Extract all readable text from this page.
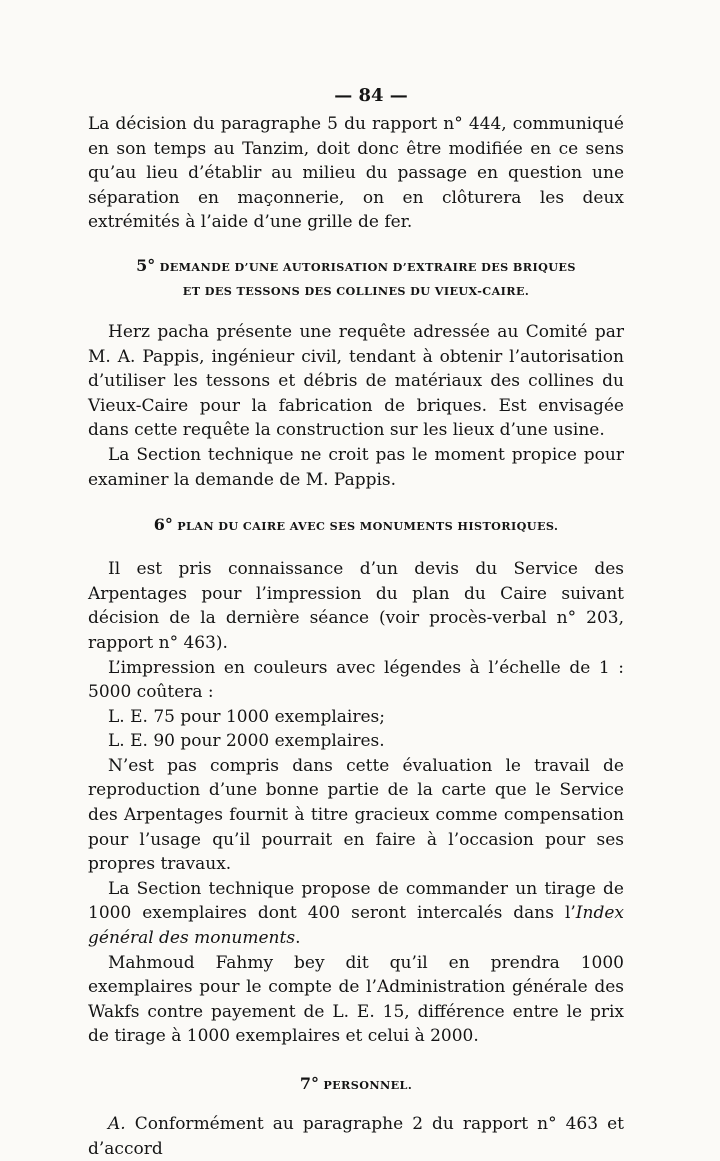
— 84 —

La décision du paragraphe 5 du rapport n° 444, communiqué en son temps au Tanzim, doit donc être modifiée en ce sens qu’au lieu d’établir au milieu du passage en question une séparation en maçonnerie, on en clôturera les deux extrémités à l’aide d’une grille de fer.

5° DEMANDE D’UNE AUTORISATION D’EXTRAIRE DES BRIQUES
ET DES TESSONS DES COLLINES DU VIEUX-CAIRE.

Herz pacha présente une requête adressée au Comité par M. A. Pappis, ingénieur civil, tendant à obtenir l’autorisation d’utiliser les tessons et débris de matériaux des collines du Vieux-Caire pour la fabrication de briques. Est envisagée dans cette requête la construction sur les lieux d’une usine.

La Section technique ne croit pas le moment propice pour examiner la demande de M. Pappis.

6° PLAN DU CAIRE AVEC SES MONUMENTS HISTORIQUES.

Il est pris connaissance d’un devis du Service des Arpentages pour l’impression du plan du Caire suivant décision de la dernière séance (voir procès-verbal n° 203, rapport n° 463).

L’impression en couleurs avec légendes à l’échelle de 1 : 5000 coûtera :

L. E. 75 pour 1000 exemplaires;

L. E. 90 pour 2000 exemplaires.

N’est pas compris dans cette évaluation le travail de reproduction d’une bonne partie de la carte que le Service des Arpentages fournit à titre gracieux comme compensation pour l’usage qu’il pourrait en faire à l’occasion pour ses propres travaux.

La Section technique propose de commander un tirage de 1000 exemplaires dont 400 seront intercalés dans l’Index général des monuments.

Mahmoud Fahmy bey dit qu’il en prendra 1000 exemplaires pour le compte de l’Administration générale des Wakfs contre payement de L. E. 15, différence entre le prix de tirage à 1000 exemplaires et celui à 2000.

7° PERSONNEL.

A. Conformément au paragraphe 2 du rapport n° 463 et d’accord
